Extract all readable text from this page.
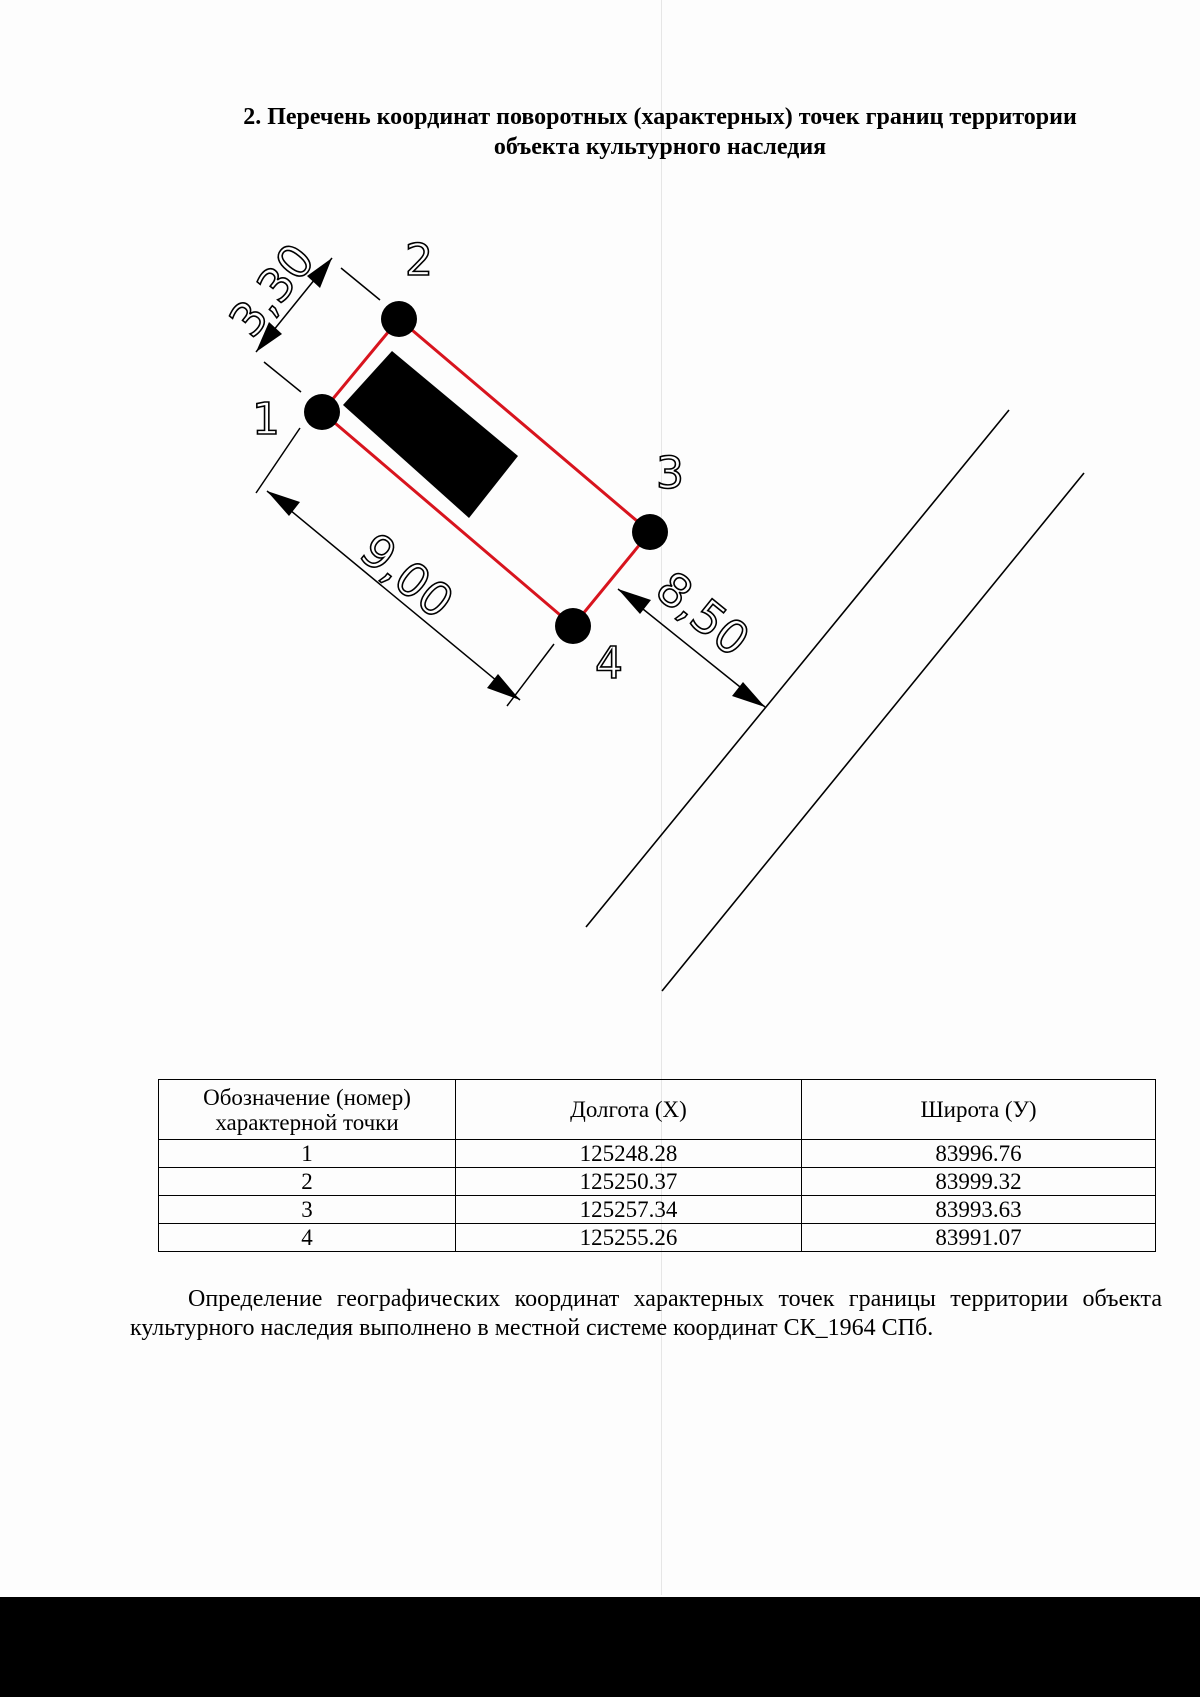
2. Перечень координат поворотных (характерных) точек границ территории
объекта культурного наследия
3,30
9,00	8,50
1
2
3
4
Обозначение (номер)
характерной точки	Долгота (X)	Широта (У)
1	125248.28	83996.76
2	125250.37	83999.32
3	125257.34	83993.63
4	125255.26	83991.07
Определение географических координат характерных точек границы территории объекта культурного наследия выполнено в местной системе координат СК_1964 СПб.
